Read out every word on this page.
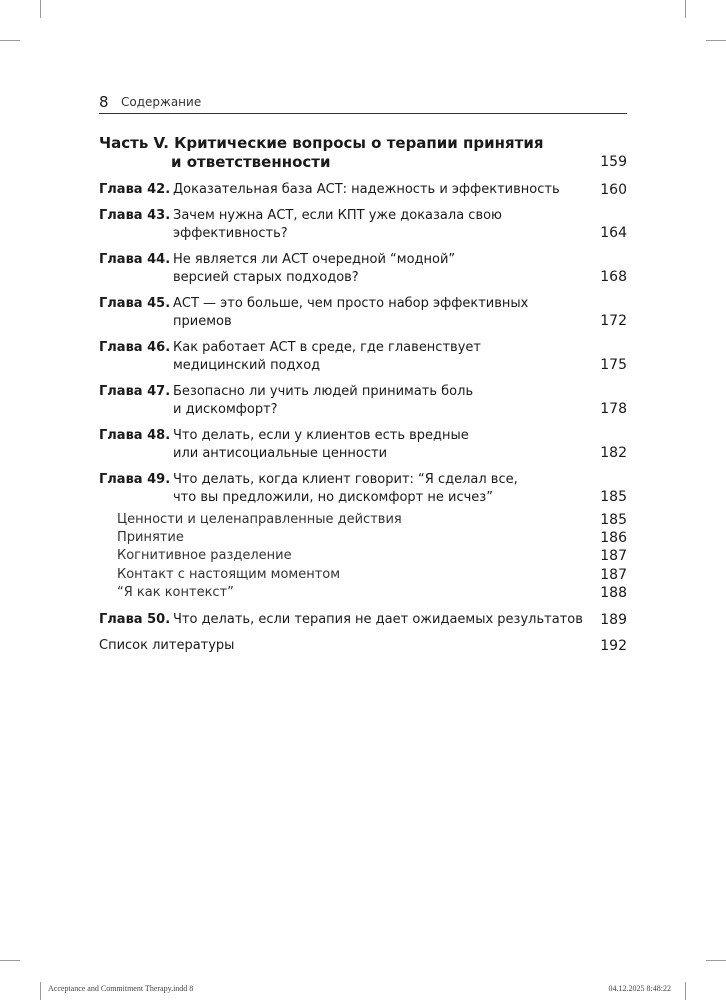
8 Содержание
Часть V. Критические вопросы о терапии принятия
и ответственности	159
Глава 42. Доказательная база АСТ: надежность и эффективность	160
Глава 43. Зачем нужна АСТ, если КПТ уже доказала свою
эффективность?	164
Глава 44. Не является ли АСТ очередной “модной”
версией старых подходов?	168
Глава 45. АСТ — это больше, чем просто набор эффективных
приемов	172
Глава 46. Как работает АСТ в среде, где главенствует
медицинский подход	175
Глава 47. Безопасно ли учить людей принимать боль
и дискомфорт?	178
Глава 48. Что делать, если у клиентов есть вредные
или антисоциальные ценности	182
Глава 49. Что делать, когда клиент говорит: “Я сделал все,
что вы предложили, но дискомфорт не исчез”	185
Ценности и целенаправленные действия	185
Принятие	186
Когнитивное разделение	187
Контакт с настоящим моментом	187
“Я как контекст”	188
Глава 50. Что делать, если терапия не дает ожидаемых результатов	189
Список литературы	192
Acceptance and Commitment Therapy.indd 8	04.12.2025 8:48:22
